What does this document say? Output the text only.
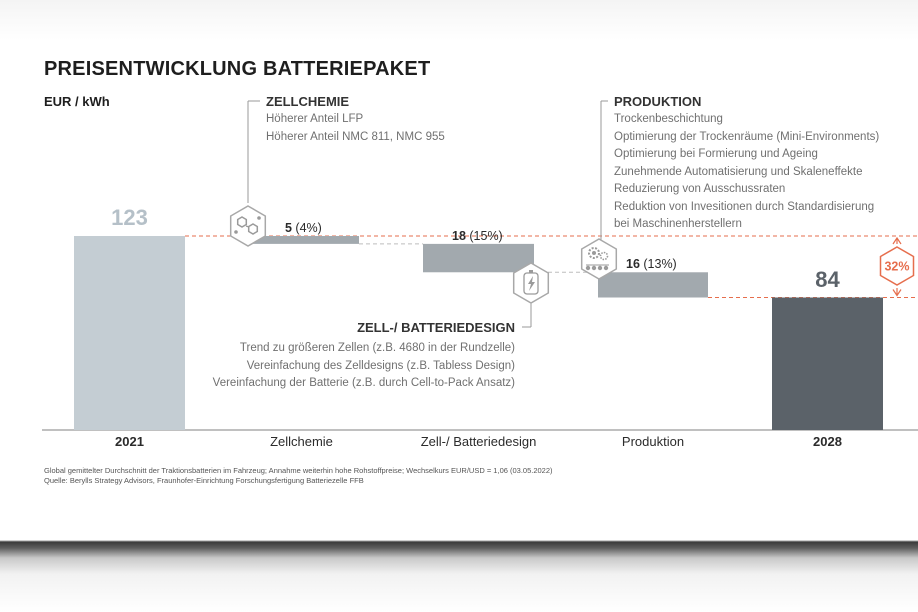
PREISENTWICKLUNG BATTERIEPAKET
EUR / kWh
2021	Zellchemie	Zell-/ Batteriedesign	Produktion	2028
123
84
5 (4%)
18 (15%)
16 (13%)	32%
ZELLCHEMIE
Höherer Anteil LFP
Höherer Anteil NMC 811, NMC 955
PRODUKTION
Trockenbeschichtung
Optimierung der Trockenräume (Mini-Environments)
Optimierung bei Formierung und Ageing
Zunehmende Automatisierung und Skaleneffekte
Reduzierung von Ausschussraten
Reduktion von Invesitionen durch Standardisierung
bei Maschinenherstellern
ZELL-/ BATTERIEDESIGN
Trend zu größeren Zellen (z.B. 4680 in der Rundzelle)
Vereinfachung des Zelldesigns (z.B. Tabless Design)
Vereinfachung der Batterie (z.B. durch Cell-to-Pack Ansatz)
Global gemittelter Durchschnitt der Traktionsbatterien im Fahrzeug; Annahme weiterhin hohe Rohstoffpreise; Wechselkurs EUR/USD = 1,06 (03.05.2022)
Quelle: Berylls Strategy Advisors, Fraunhofer-Einrichtung Forschungsfertigung Batteriezelle FFB
